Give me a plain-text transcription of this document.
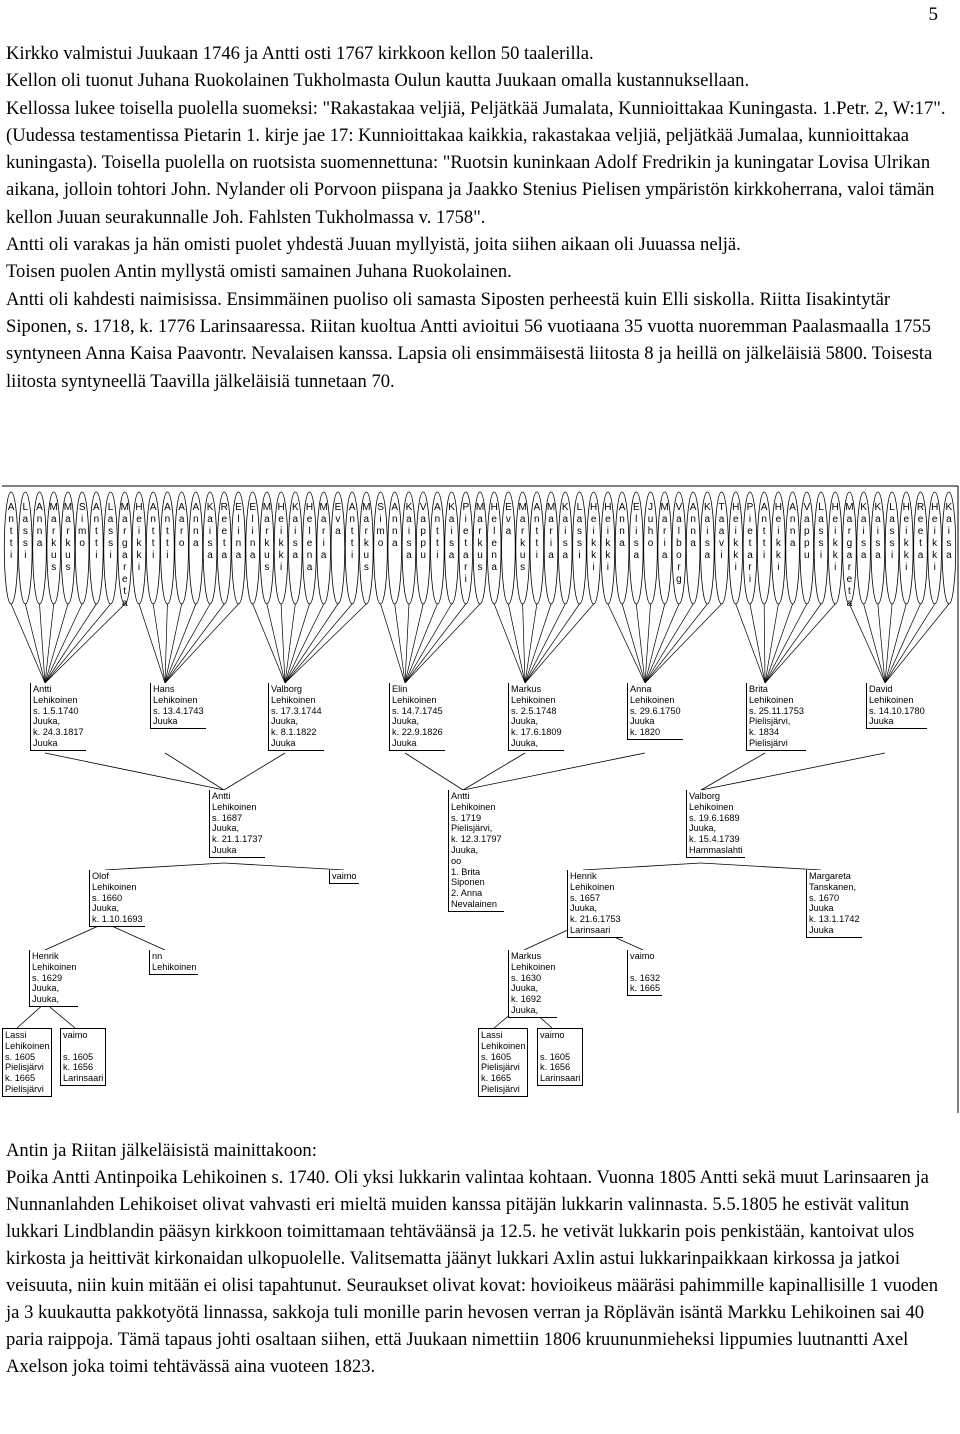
5

Kirkko valmistui Juukaan 1746 ja Antti osti 1767 kirkkoon kellon 50 taalerilla.

Kellon oli tuonut Juhana Ruokolainen Tukholmasta Oulun kautta Juukaan omalla kustannuksellaan.

Kellossa lukee toisella puolella suomeksi: "Rakastakaa veljiä, Peljätkää Jumalata, Kunnioittakaa Kuningasta. 1.Petr. 2, W:17". (Uudessa testamentissa Pietarin 1. kirje jae 17: Kunnioittakaa kaikkia, rakastakaa veljiä, peljätkää Jumalaa, kunnioittakaa kuningasta). Toisella puolella on ruotsista suomennettuna: "Ruotsin kuninkaan Adolf Fredrikin ja kuningatar Lovisa Ulrikan aikana, jolloin tohtori John. Nylander oli Porvoon piispana ja Jaakko Stenius Pielisen ympäristön kirkkoherrana, valoi tämän kellon Juuan seurakunnalle Joh. Fahlsten Tukholmassa v. 1758".

Antti oli varakas ja hän omisti puolet yhdestä Juuan myllyistä, joita siihen aikaan oli Juuassa neljä.

Toisen puolen Antin myllystä omisti samainen Juhana Ruokolainen.

Antti oli kahdesti naimisissa. Ensimmäinen puoliso oli samasta Siposten perheestä kuin Elli siskolla. Riitta Iisakintytär Siponen, s. 1718, k. 1776 Larinsaaressa. Riitan kuoltua Antti avioitui 56 vuotiaana 35 vuotta nuoremman Paalasmaalla 1755 syntyneen Anna Kaisa Paavontr. Nevalaisen kanssa. Lapsia oli ensimmäisestä liitosta 8 ja heillä on jälkeläisiä 5800. Toisesta liitosta syntyneellä Taavilla jälkeläisiä tunnetaan 70.

A n t t i
L a s s i
A n n a
M a r k u s
M a r k u s
S i m o
A n t t i
L a s s i
M a r g a r e t a
H e i k k i
A n t t i
A n t t i
A a r o
A n n a
K a i s a
R e e t a
E l i n a
E l i n a
M a r k u s
H e i k k i
K a i s a
H e l e n a
M a r i a
E v a
A n t t i
M a r k u s
S i m o
A n n a
K a i s a
V a p p u
A n t t i
K a i s a
P i e t a r i
M a r k u s
H e l e n a
E v a
M a r k u s
A n t t i
M a r i a
K a i s a
L a s s i
H e i k k i
H e i k k i
A n n a
E l i s a
J u h o
M a r i a
V a l b o r g
A n n a
K a i s a
T a a v i
H e i k k i
P i e t a r i
A n t t i
H e i k k i
A n n a
V a p p u
L a s s i
H e i k k i
M a r g a r e t a
K a i s a
K a i s a
L a s s i
H e i k k i
R e e t a
H e i k k i
K a i s a
Antti
Lehikoinen
s. 1.5.1740
Juuka,
k. 24.3.1817
Juuka
Hans
Lehikoinen
s. 13.4.1743
Juuka
Valborg
Lehikoinen
s. 17.3.1744
Juuka,
k. 8.1.1822
Juuka
Elin
Lehikoinen
s. 14.7.1745
Juuka,
k. 22.9.1826
Juuka
Markus
Lehikoinen
s. 2.5.1748
Juuka,
k. 17.6.1809
Juuka,
Anna
Lehikoinen
s. 29.6.1750
Juuka
k. 1820
Brita
Lehikoinen
s. 25.11.1753
Pielisjärvi,
k. 1834
Pielisjärvi
David
Lehikoinen
s. 14.10.1780
Juuka
Antti
Lehikoinen
s. 1687
Juuka,
k. 21.1.1737
Juuka
Antti
Lehikoinen
s. 1719
Pielisjärvi,
k. 12.3.1797
Juuka,
oo
1. Brita
Siponen
2. Anna
Nevalainen
Valborg
Lehikoinen
s. 19.6.1689
Juuka,
k. 15.4.1739
Hammaslahti
Olof
Lehikoinen
s. 1660
Juuka,
k. 1.10.1693
vaimo	Henrik
Lehikoinen
s. 1657
Juuka,
k. 21.6.1753
Larinsaari
Margareta
Tanskanen,
s. 1670
Juuka
k. 13.1.1742
Juuka
Henrik
Lehikoinen
s. 1629
Juuka,
Juuka,
nn
Lehikoinen
Markus
Lehikoinen
s. 1630
Juuka,
k. 1692
Juuka,
vaimo

s. 1632
k. 1665
Lassi
Lehikoinen
s. 1605
Pielisjärvi
k. 1665
Pielisjärvi
vaimo

s. 1605
k. 1656
Larinsaari
Lassi
Lehikoinen
s. 1605
Pielisjärvi
k. 1665
Pielisjärvi
vaimo

s. 1605
k. 1656
Larinsaari

Antin ja Riitan jälkeläisistä mainittakoon:

Poika Antti Antinpoika Lehikoinen s. 1740. Oli yksi lukkarin valintaa kohtaan. Vuonna 1805 Antti sekä muut Larinsaaren ja Nunnanlahden Lehikoiset olivat vahvasti eri mieltä muiden kanssa pitäjän lukkarin valinnasta. 5.5.1805 he estivät valitun lukkari Lindblandin pääsyn kirkkoon toimittamaan tehtäväänsä ja 12.5. he vetivät lukkarin pois penkistään, kantoivat ulos kirkosta ja heittivät kirkonaidan ulkopuolelle. Valitsematta jäänyt lukkari Axlin astui lukkarinpaikkaan kirkossa ja jatkoi veisuuta, niin kuin mitään ei olisi tapahtunut. Seuraukset olivat kovat: hovioikeus määräsi pahimmille kapinallisille 1 vuoden ja 3 kuukautta pakkotyötä linnassa, sakkoja tuli monille parin hevosen verran ja Röplävän isäntä Markku Lehikoinen sai 40 paria raippoja. Tämä tapaus johti osaltaan siihen, että Juukaan nimettiin 1806 kruununmieheksi lippumies luutnantti Axel Axelson joka toimi tehtävässä aina vuoteen 1823.
